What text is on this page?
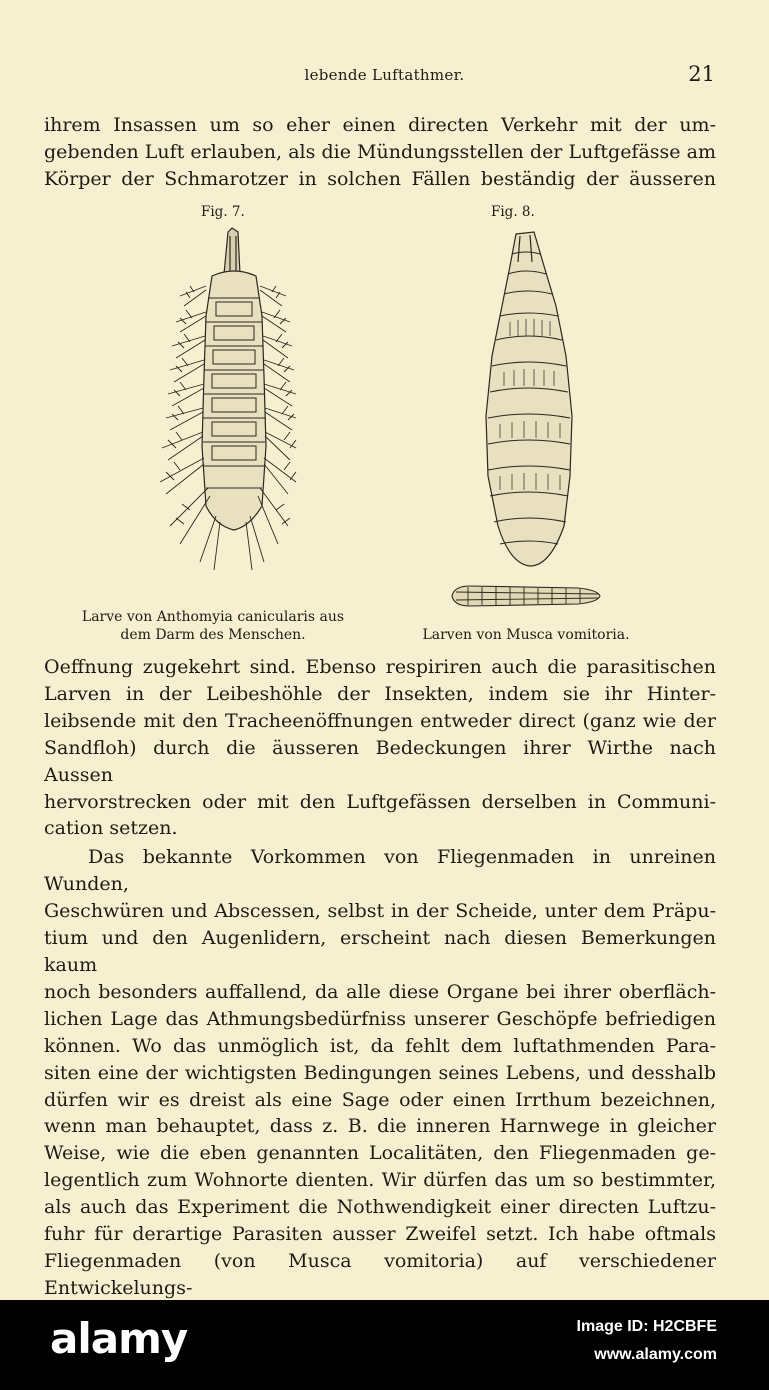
lebende Luftathmer.	21

ihrem Insassen um so eher einen directen Verkehr mit der um-

gebenden Luft erlauben, als die Mündungsstellen der Luftgefässe am

Körper der Schmarotzer in solchen Fällen beständig der äusseren

Fig. 7.
Larve von Anthomyia canicularis aus
dem Darm des Menschen.
Fig. 8.
Larven von Musca vomitoria.

Oeffnung zugekehrt sind. Ebenso respiriren auch die parasitischen
Larven in der Leibeshöhle der Insekten, indem sie ihr Hinter-
leibsende mit den Tracheenöffnungen entweder direct (ganz wie der
Sandfloh) durch die äusseren Bedeckungen ihrer Wirthe nach Aussen
hervorstrecken oder mit den Luftgefässen derselben in Communi-
cation setzen.

Das bekannte Vorkommen von Fliegenmaden in unreinen Wunden,
Geschwüren und Abscessen, selbst in der Scheide, unter dem Präpu-
tium und den Augenlidern, erscheint nach diesen Bemerkungen kaum
noch besonders auffallend, da alle diese Organe bei ihrer oberfläch-
lichen Lage das Athmungsbedürfniss unserer Geschöpfe befriedigen
können. Wo das unmöglich ist, da fehlt dem luftathmenden Para-
siten eine der wichtigsten Bedingungen seines Lebens, und desshalb
dürfen wir es dreist als eine Sage oder einen Irrthum bezeichnen,
wenn man behauptet, dass z. B. die inneren Harnwege in gleicher
Weise, wie die eben genannten Localitäten, den Fliegenmaden ge-
legentlich zum Wohnorte dienten. Wir dürfen das um so bestimmter,
als auch das Experiment die Nothwendigkeit einer directen Luftzu-
fuhr für derartige Parasiten ausser Zweifel setzt. Ich habe oftmals
Fliegenmaden (von Musca vomitoria) auf verschiedener Entwickelungs-

alamy	Image ID: H2CBFE
www.alamy.com
